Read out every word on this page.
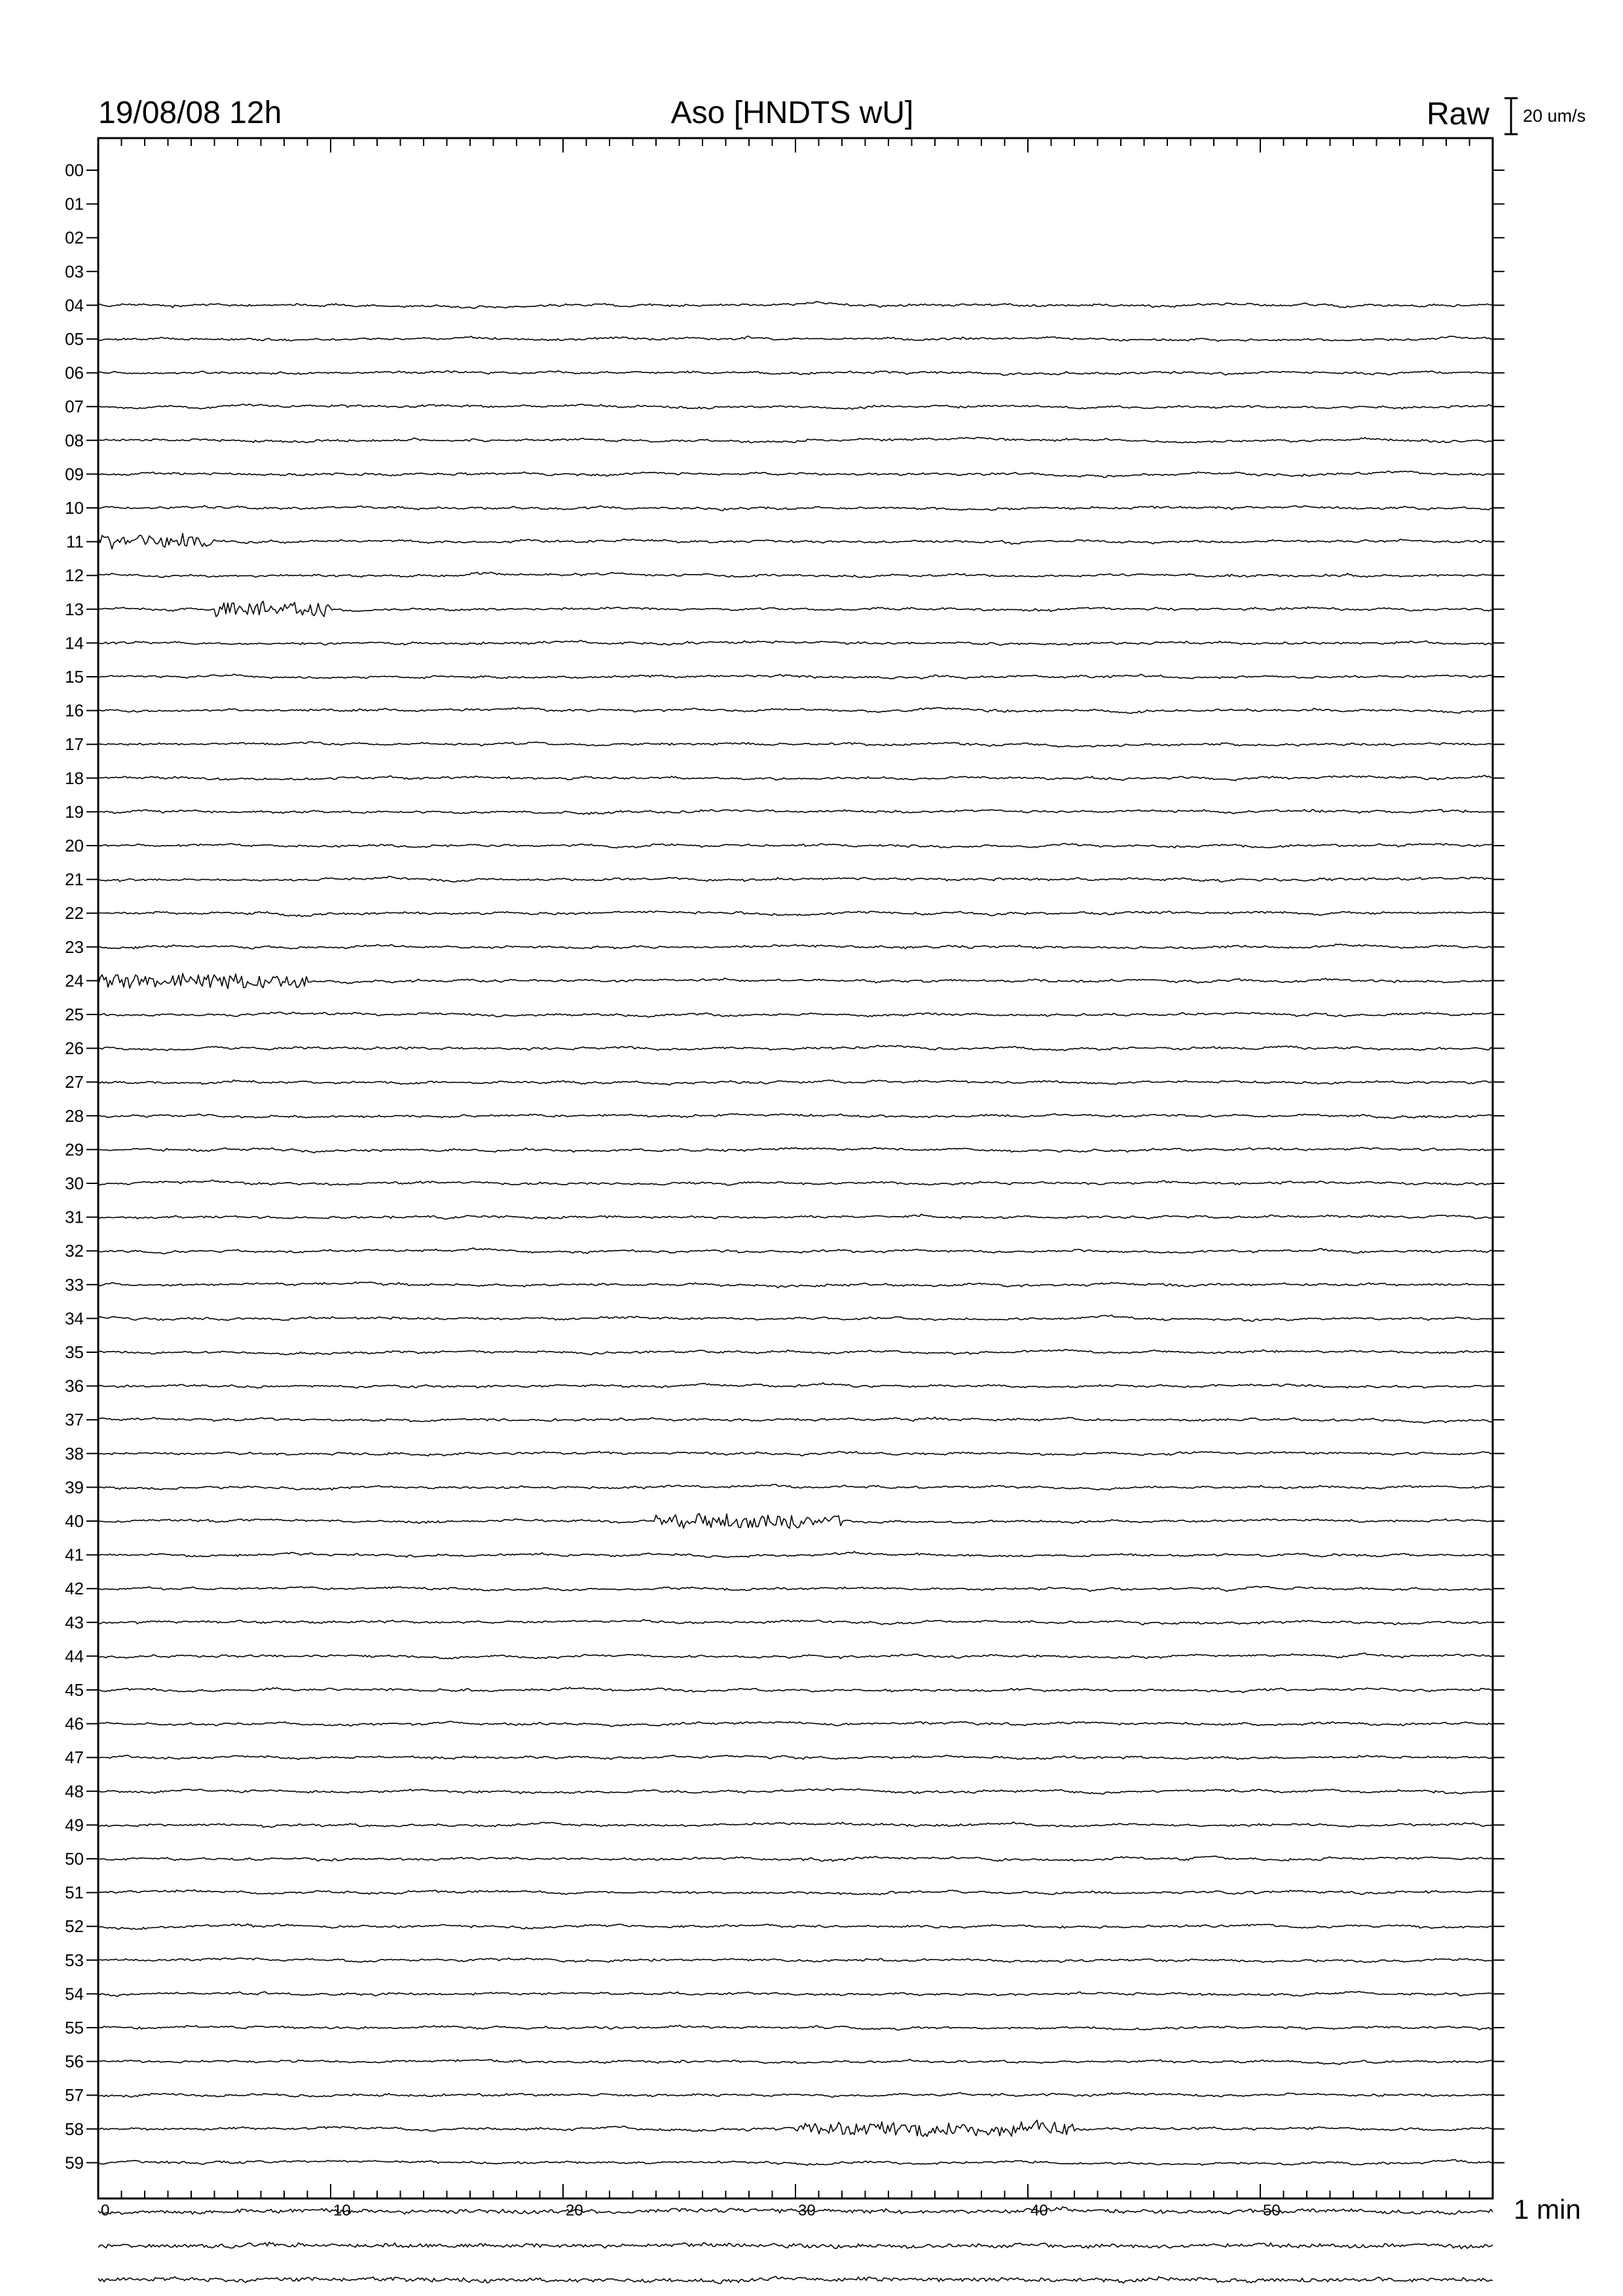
19/08/08 12h	Aso [HNDTS wU]	Raw 20 um/s
00
01
02
03
04
05
06
07
08
09
10
11
12
13
14
15
16
17
18
19
20
21
22
23
24
25
26
27
28
29
30
31
32
33
34
35
36
37
38
39
40
41
42
43
44
45
46
47
48
49
50
51
52
53
54
55
56
57
58
59
0	10	20	30	40	50	1 min
